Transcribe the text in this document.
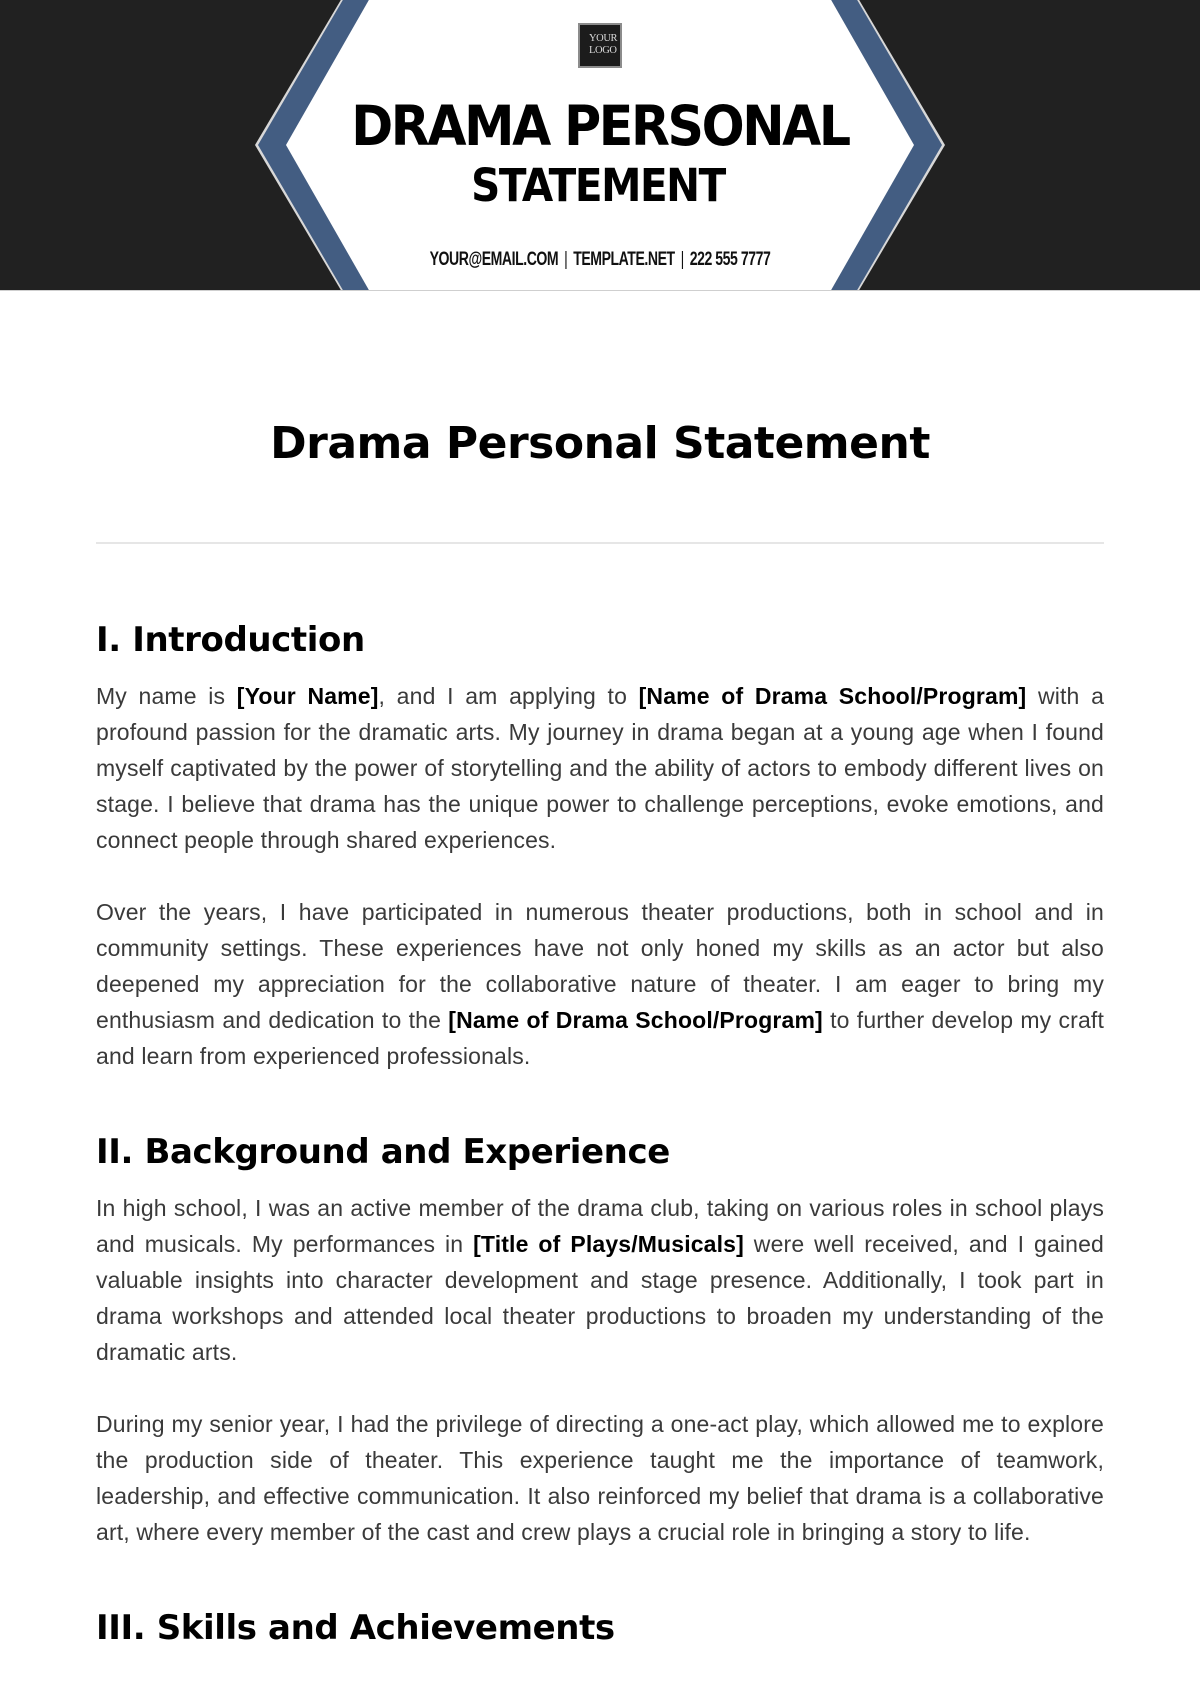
YOUR
LOGO
DRAMA PERSONAL
STATEMENT
YOUR@EMAIL.COM | TEMPLATE.NET | 222 555 7777
Drama Personal Statement
I. Introduction

My name is [Your Name], and I am applying to [Name of Drama School/Program] with a profound passion for the dramatic arts. My journey in drama began at a young age when I found myself captivated by the power of storytelling and the ability of actors to embody different lives on stage. I believe that drama has the unique power to challenge perceptions, evoke emotions, and connect people through shared experiences.

Over the years, I have participated in numerous theater productions, both in school and in community settings. These experiences have not only honed my skills as an actor but also deepened my appreciation for the collaborative nature of theater. I am eager to bring my enthusiasm and dedication to the [Name of Drama School/Program] to further develop my craft and learn from experienced professionals.

II. Background and Experience

In high school, I was an active member of the drama club, taking on various roles in school plays and musicals. My performances in [Title of Plays/Musicals] were well received, and I gained valuable insights into character development and stage presence. Additionally, I took part in drama workshops and attended local theater productions to broaden my understanding of the dramatic arts.

During my senior year, I had the privilege of directing a one-act play, which allowed me to explore the production side of theater. This experience taught me the importance of teamwork, leadership, and effective communication. It also reinforced my belief that drama is a collaborative art, where every member of the cast and crew plays a crucial role in bringing a story to life.

III. Skills and Achievements
